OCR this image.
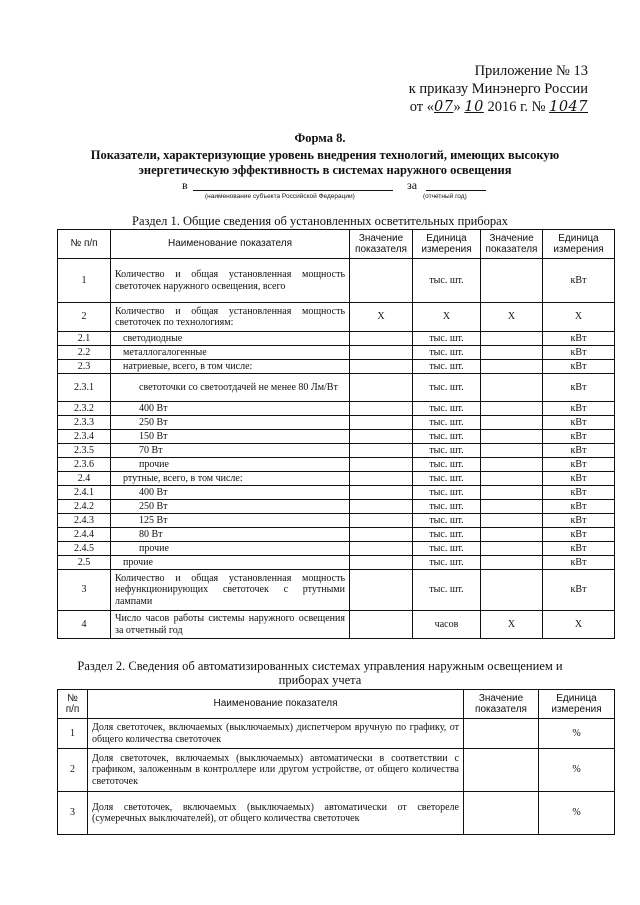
Приложение № 13
к приказу Минэнерго России
от «07» 10 2016 г. № 1047
Форма 8.
Показатели, характеризующие уровень внедрения технологий, имеющих высокую энергетическую эффективность в системах наружного освещения
в	за
(наименование субъекта Российской Федерации)	(отчетный год)
Раздел 1. Общие сведения об установленных осветительных приборах
№ п/п	Наименование показателя	Значение показателя	Единица измерения	Значение показателя	Единица измерения
1	Количество и общая установленная мощность светоточек наружного освещения, всего		тыс. шт.		кВт
2	Количество и общая установленная мощность светоточек по технологиям:	X	X	X	X
2.1	светодиодные		тыс. шт.		кВт
2.2	металлогалогенные		тыс. шт.		кВт
2.3	натриевые, всего, в том числе:		тыс. шт.		кВт
2.3.1	светоточки со светоотдачей не менее 80 Лм/Вт		тыс. шт.		кВт
2.3.2	400 Вт		тыс. шт.		кВт
2.3.3	250 Вт		тыс. шт.		кВт
2.3.4	150 Вт		тыс. шт.		кВт
2.3.5	70 Вт		тыс. шт.		кВт
2.3.6	прочие		тыс. шт.		кВт
2.4	ртутные, всего, в том числе:		тыс. шт.		кВт
2.4.1	400 Вт		тыс. шт.		кВт
2.4.2	250 Вт		тыс. шт.		кВт
2.4.3	125 Вт		тыс. шт.		кВт
2.4.4	80 Вт		тыс. шт.		кВт
2.4.5	прочие		тыс. шт.		кВт
2.5	прочие		тыс. шт.		кВт
3	Количество и общая установленная мощность нефункционирующих светоточек с ртутными лампами		тыс. шт.		кВт
4	Число часов работы системы наружного освещения за отчетный год		часов	X	X
Раздел 2. Сведения об автоматизированных системах управления наружным освещением и
приборах учета
№ п/п	Наименование показателя	Значение показателя	Единица измерения
1	Доля светоточек, включаемых (выключаемых) диспетчером вручную по графику, от общего количества светоточек		%
2	Доля светоточек, включаемых (выключаемых) автоматически в соответствии с графиком, заложенным в контроллере или другом устройстве, от общего количества светоточек		%
3	Доля светоточек, включаемых (выключаемых) автоматически от светореле (сумеречных выключателей), от общего количества светоточек		%
